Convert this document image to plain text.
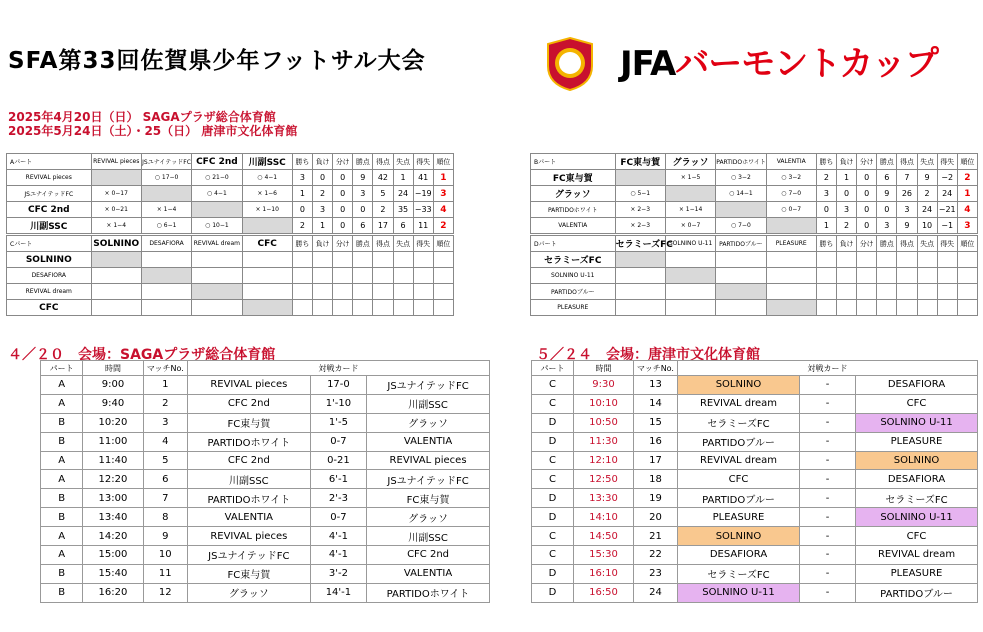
SFA第33回佐賀県少年フットサル大会	JFAバーモントカップ
2025年4月20日（日） SAGAプラザ総合体育館
2025年5月24日（土）・25（日） 唐津市文化体育館
Aパート	REVIVAL pieces	JSユナイテッドFC	CFC 2nd	川副SSC	勝ち	負け	分け	勝点	得点	失点	得失	順位
REVIVAL pieces		○ 17−0	○ 21−0	○ 4−1	3	0	0	9	42	1	41	1
JSユナイテッドFC	× 0−17		○ 4−1	× 1−6	1	2	0	3	5	24	−19	3
CFC 2nd	× 0−21	× 1−4		× 1−10	0	3	0	0	2	35	−33	4
川副SSC	× 1−4	○ 6−1	○ 10−1		2	1	0	6	17	6	11	2
Bパート	FC東与賀	グラッソ	PARTIDOホワイト	VALENTIA	勝ち	負け	分け	勝点	得点	失点	得失	順位
FC東与賀		× 1−5	○ 3−2	○ 3−2	2	1	0	6	7	9	−2	2
グラッソ	○ 5−1		○ 14−1	○ 7−0	3	0	0	9	26	2	24	1
PARTIDOホワイト	× 2−3	× 1−14		○ 0−7	0	3	0	0	3	24	−21	4
VALENTIA	× 2−3	× 0−7	○ 7−0		1	2	0	3	9	10	−1	3
Cパート	SOLNINO	DESAFIORA	REVIVAL dream	CFC	勝ち	負け	分け	勝点	得点	失点	得失	順位
SOLNINO												
DESAFIORA												
REVIVAL dream												
CFC												
Dパート	セラミーズFC	SOLNINO U-11	PARTIDOブルー	PLEASURE	勝ち	負け	分け	勝点	得点	失点	得失	順位
セラミーズFC												
SOLNINO U-11												
PARTIDOブルー												
PLEASURE												
４／２０　会場：SAGAプラザ総合体育館	５／２４　会場：唐津市文化体育館
パート	時間	マッチNo.	対戦カード		
A	9:00	1	REVIVAL pieces	17-0	JSユナイテッドFC
A	9:40	2	CFC 2nd	1'-10	川副SSC
B	10:20	3	FC東与賀	1'-5	グラッソ
B	11:00	4	PARTIDOホワイト	0-7	VALENTIA
A	11:40	5	CFC 2nd	0-21	REVIVAL pieces
A	12:20	6	川副SSC	6'-1	JSユナイテッドFC
B	13:00	7	PARTIDOホワイト	2'-3	FC東与賀
B	13:40	8	VALENTIA	0-7	グラッソ
A	14:20	9	REVIVAL pieces	4'-1	川副SSC
A	15:00	10	JSユナイテッドFC	4'-1	CFC 2nd
B	15:40	11	FC東与賀	3'-2	VALENTIA
B	16:20	12	グラッソ	14'-1	PARTIDOホワイト
パート	時間	マッチNo.	対戦カード		
C	9:30	13	SOLNINO	-	DESAFIORA
C	10:10	14	REVIVAL dream	-	CFC
D	10:50	15	セラミーズFC	-	SOLNINO U-11
D	11:30	16	PARTIDOブルー	-	PLEASURE
C	12:10	17	REVIVAL dream	-	SOLNINO
C	12:50	18	CFC	-	DESAFIORA
D	13:30	19	PARTIDOブルー	-	セラミーズFC
D	14:10	20	PLEASURE	-	SOLNINO U-11
C	14:50	21	SOLNINO	-	CFC
C	15:30	22	DESAFIORA	-	REVIVAL dream
D	16:10	23	セラミーズFC	-	PLEASURE
D	16:50	24	SOLNINO U-11	-	PARTIDOブルー
